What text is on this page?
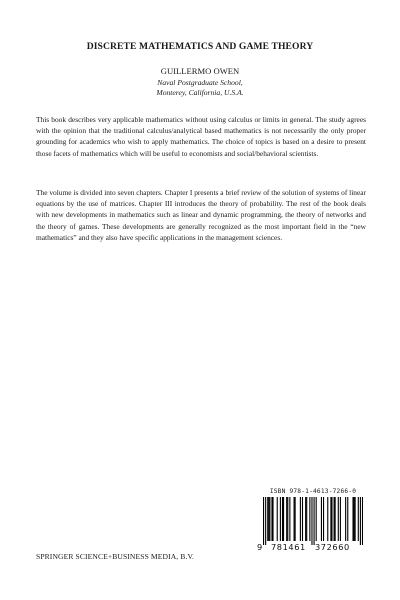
DISCRETE MATHEMATICS AND GAME THEORY
GUILLERMO OWEN
Naval Postgraduate School,
Monterey, California, U.S.A.
This book describes very applicable mathematics without using calculus or limits in general. The study agrees with the opinion that the traditional calculus/analytical based mathematics is not necessarily the only proper grounding for academics who wish to apply mathematics. The choice of topics is based on a desire to present those facets of mathematics which will be useful to economists and social/behavioral scientists.
The volume is divided into seven chapters. Chapter I presents a brief review of the solution of systems of linear equations by the use of matrices. Chapter III introduces the theory of probability. The rest of the book deals with new developments in mathematics such as linear and dynamic programming, the theory of networks and the theory of games. These developments are generally recognized as the most important field in the “new mathematics” and they also have specific applications in the management sciences.
ISBN 978-1-4613-7266-0
9 781461 372660
SPRINGER SCIENCE+BUSINESS MEDIA, B.V.
